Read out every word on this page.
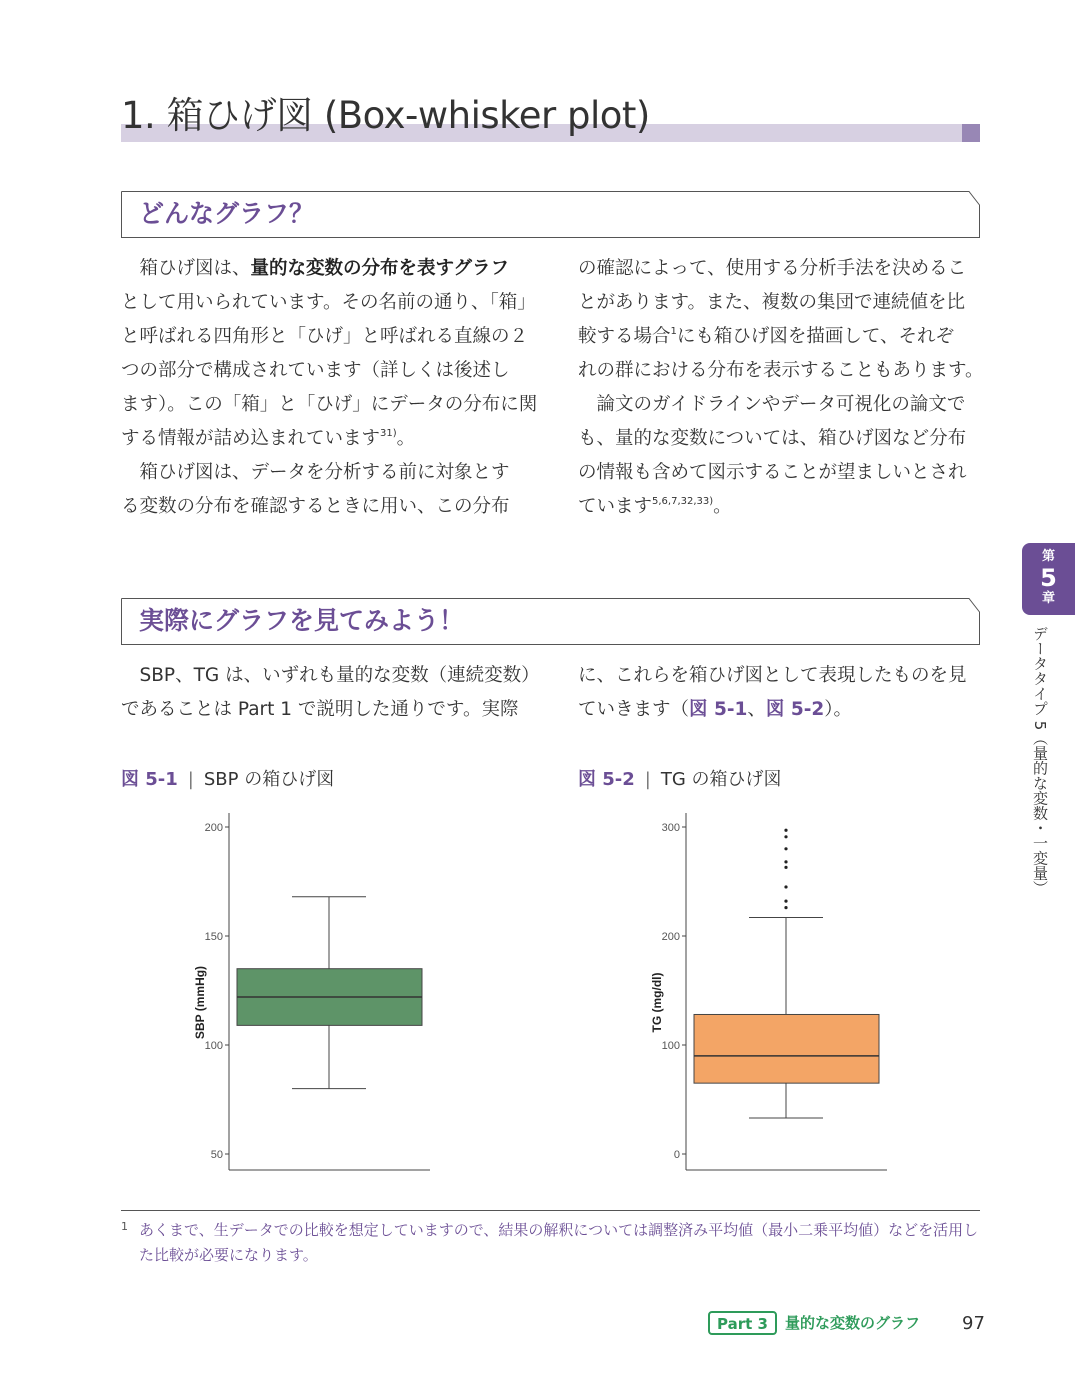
1. 箱ひげ図 (Box-whisker plot)
どんなグラフ？

 箱ひげ図は、量的な変数の分布を表すグラフ

として用いられています。その名前の通り、「箱」

と呼ばれる四角形と「ひげ」と呼ばれる直線の２

つの部分で構成されています（詳しくは後述し

ます）。この「箱」と「ひげ」にデータの分布に関

する情報が詰め込まれています$^{31)}$。

 箱ひげ図は、データを分析する前に対象とす

る変数の分布を確認するときに用い、この分布

の確認によって、使用する分析手法を決めるこ

とがあります。また、複数の集団で連続値を比

較する場合$^1$にも箱ひげ図を描画して、それぞ

れの群における分布を表示することもあります。

 論文のガイドラインやデータ可視化の論文で

も、量的な変数については、箱ひげ図など分布

の情報も含めて図示することが望ましいとされ

ています$^{5,6,7,32,33)}$。

第
5
章
データタイプ 5（量的な変数・一変量）
実際にグラフを見てみよう！

 SBP、TG は、いずれも量的な変数（連続変数）

であることは Part 1 で説明した通りです。実際

に、これらを箱ひげ図として表現したものを見

ていきます（図 5-1、図 5-2）。

図 5-1 | SBP の箱ひげ図	図 5-2 | TG の箱ひげ図
50
100
150
200
SBP (mmHg)
0
100
200
300
TG (mg/dl)
1 あくまで、生データでの比較を想定していますので、結果の解釈については調整済み平均値（最小二乗平均値）などを活用した比較が必要になります。
Part 3	量的な変数のグラフ 97
